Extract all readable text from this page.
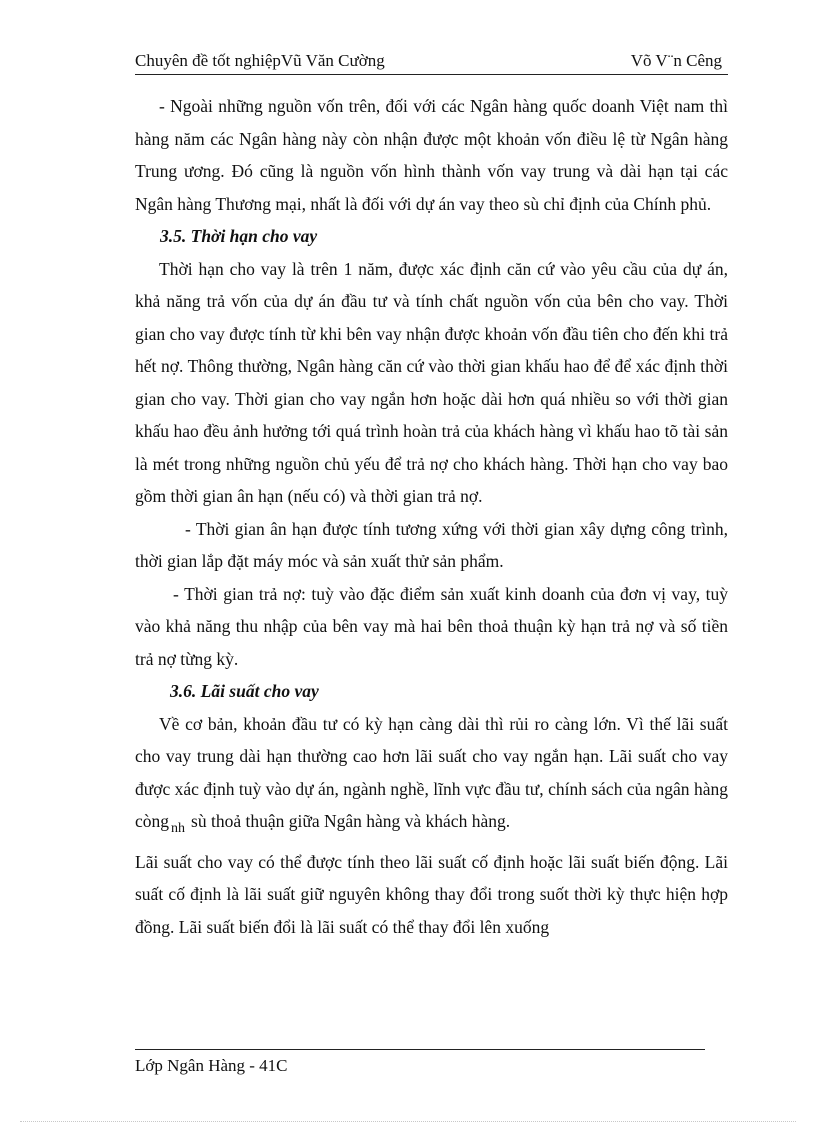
Chuyên đề tốt nghiệpVũ Văn Cường	Võ V¨n Cêng

- Ngoài những nguồn vốn trên, đối với các Ngân hàng quốc doanh Việt nam thì hàng năm các Ngân hàng này còn nhận được một khoản vốn điều lệ từ Ngân hàng Trung ương. Đó cũng là nguồn vốn hình thành vốn vay trung và dài hạn tại các Ngân hàng Thương mại, nhất là đối với dự án vay theo sù chỉ định của Chính phủ.

3.5. Thời hạn cho vay

Thời hạn cho vay là trên 1 năm, được xác định căn cứ vào yêu cầu của dự án, khả năng trả vốn của dự án đầu tư và tính chất nguồn vốn của bên cho vay. Thời gian cho vay được tính từ khi bên vay nhận được khoản vốn đầu tiên cho đến khi trả hết nợ. Thông thường, Ngân hàng căn cứ vào thời gian khấu hao để để xác định thời gian cho vay. Thời gian cho vay ngắn hơn hoặc dài hơn quá nhiều so với thời gian khấu hao đều ảnh hưởng tới quá trình hoàn trả của khách hàng vì khấu hao tõ tài sản là mét trong những nguồn chủ yếu để trả nợ cho khách hàng. Thời hạn cho vay bao gồm thời gian ân hạn (nếu có) và thời gian trả nợ.

- Thời gian ân hạn được tính tương xứng với thời gian xây dựng công trình, thời gian lắp đặt máy móc và sản xuất thử sản phẩm.

- Thời gian trả nợ: tuỳ vào đặc điểm sản xuất kinh doanh của đơn vị vay, tuỳ vào khả năng thu nhập của bên vay mà hai bên thoả thuận kỳ hạn trả nợ và số tiền trả nợ từng kỳ.

3.6. Lãi suất cho vay

Về cơ bản, khoản đầu tư có kỳ hạn càng dài thì rủi ro càng lớn. Vì thế lãi suất cho vay trung dài hạn thường cao hơn lãi suất cho vay ngắn hạn. Lãi suất cho vay được xác định tuỳ vào dự án, ngành nghề, lĩnh vực đầu tư, chính sách của ngân hàng còng $_{nh}$ sù thoả thuận giữa Ngân hàng và khách hàng.

Lãi suất cho vay có thể được tính theo lãi suất cố định hoặc lãi suất biến động. Lãi suất cố định là lãi suất giữ nguyên không thay đổi trong suốt thời kỳ thực hiện hợp đồng. Lãi suất biến đổi là lãi suất có thể thay đổi lên xuống

Lớp Ngân Hàng - 41C
